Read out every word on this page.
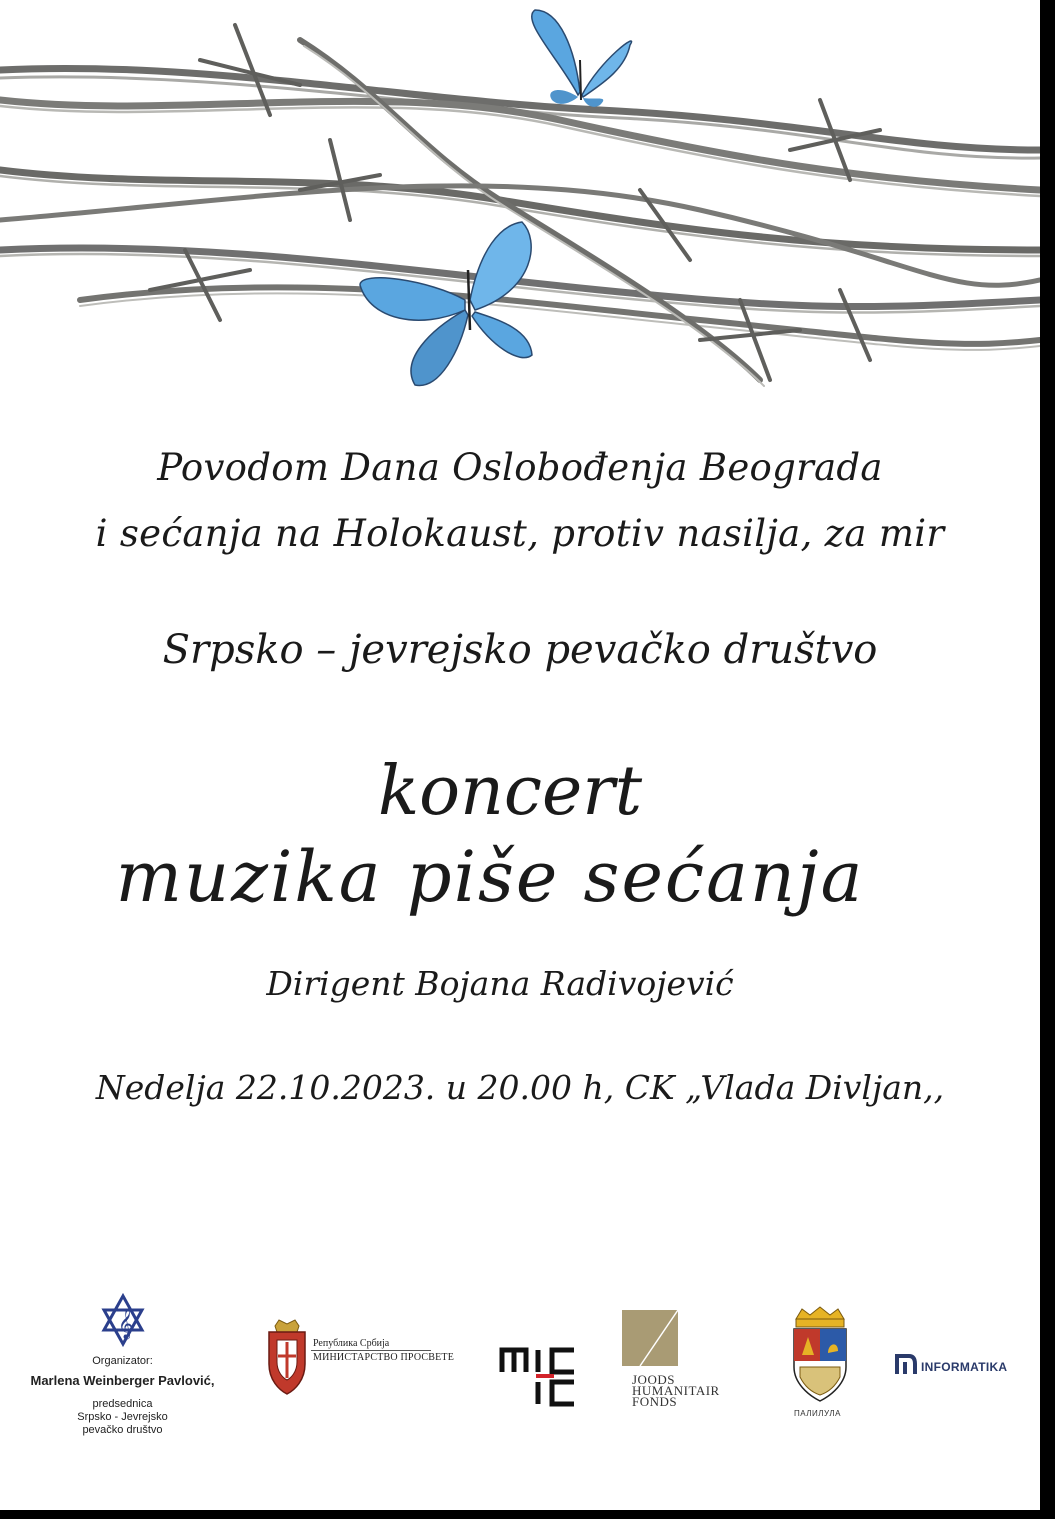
Povodom Dana Oslobođenja Beograda
i sećanja na Holokaust, protiv nasilja, za mir
Srpsko – jevrejsko pevačko društvo
koncert
muzika piše sećanja
Dirigent Bojana Radivojević
Nedelja 22.10.2023. u 20.00 h, CK „Vlada Divljan,,
𝄞
Organizator:
Marlena Weinberger Pavlović,
predsednica
Srpsko - Jevrejsko
pevačko društvo
Република Србија
МИНИСТАРСТВО ПРОСВЕТЕ
JOODS
HUMANITAIR
FONDS
ПАЛИЛУЛА
INFORMATIKA
